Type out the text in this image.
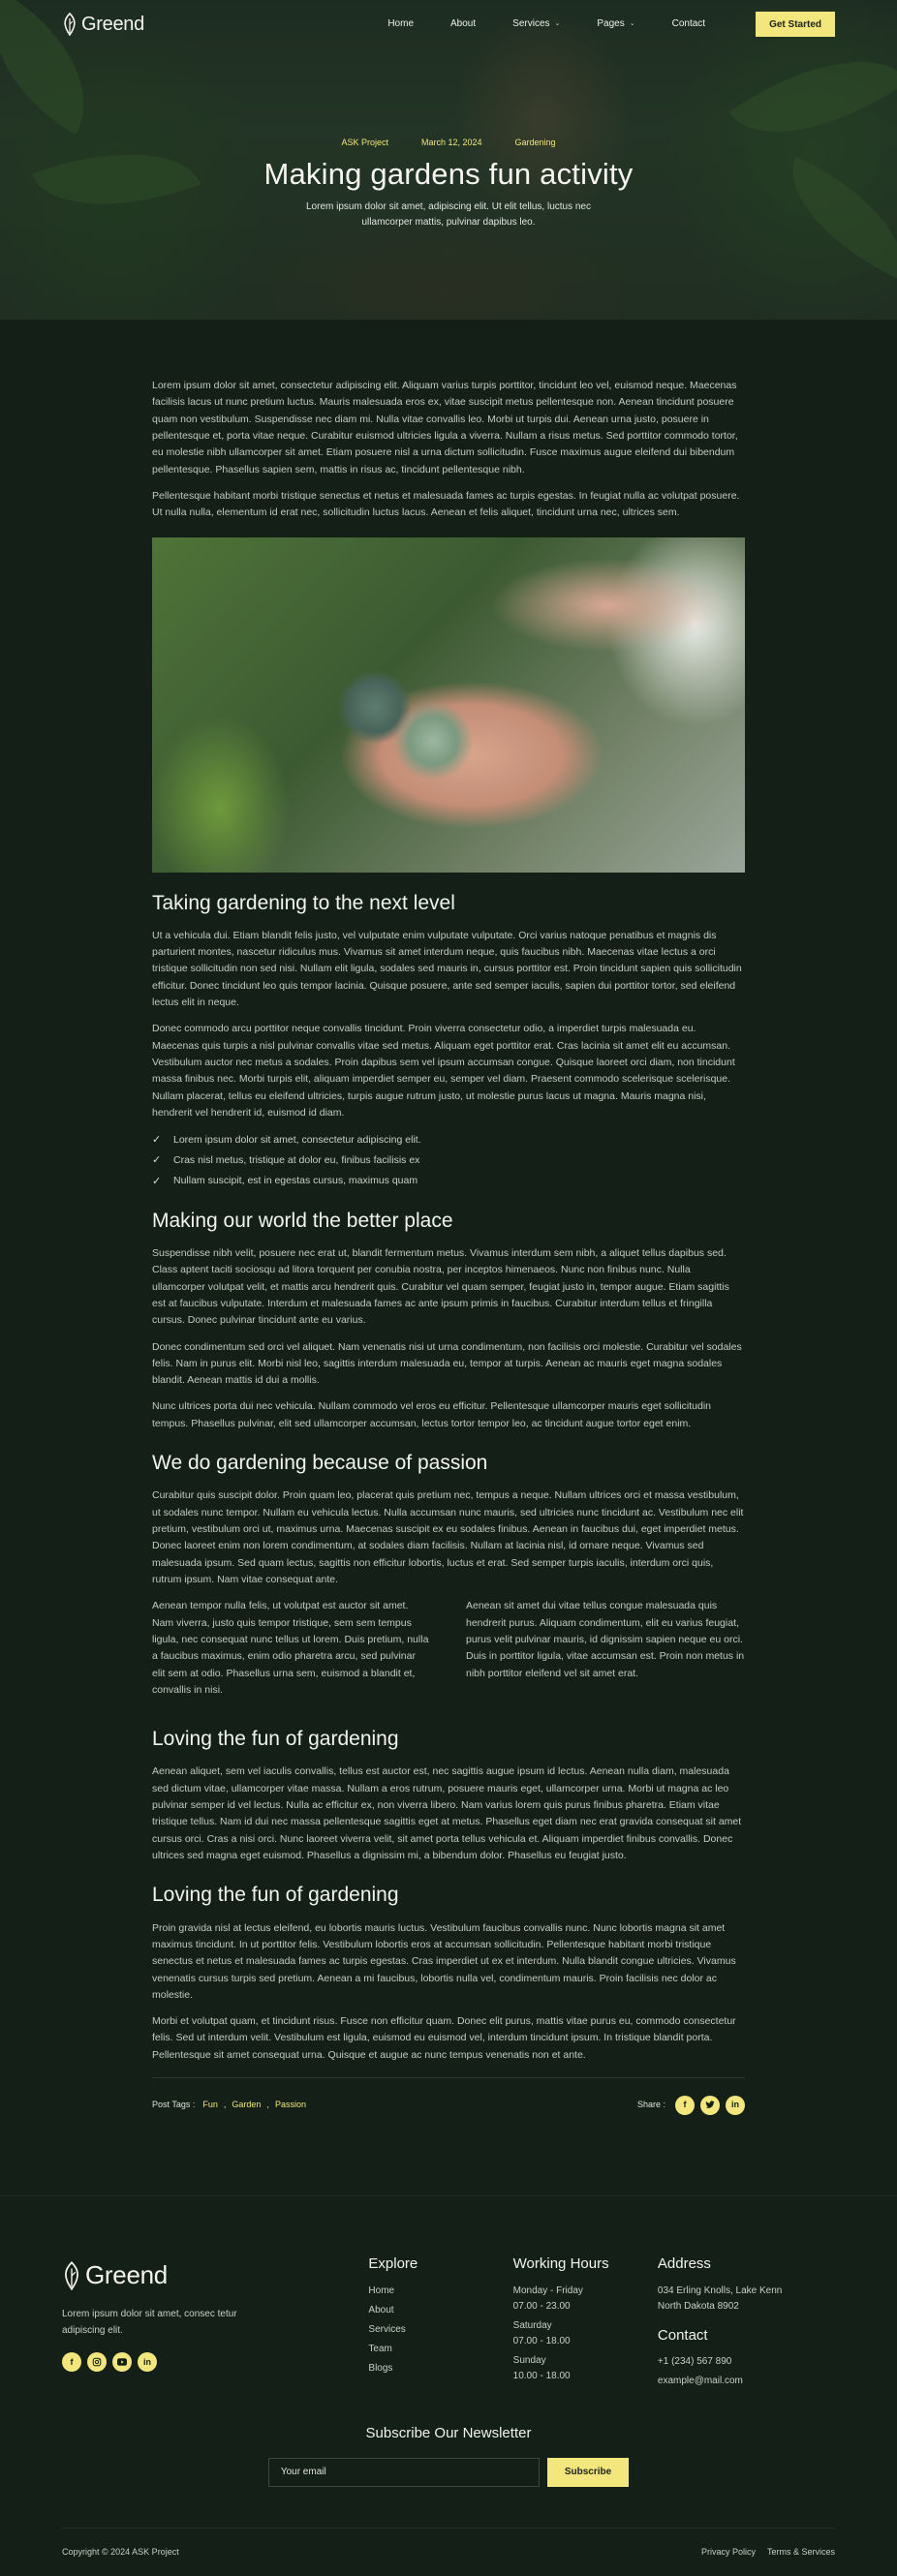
Greend	Home	About	Services ⌄	Pages ⌄	Contact	Get Started
ASK Project	March 12, 2024	Gardening
Making gardens fun activity

Lorem ipsum dolor sit amet, adipiscing elit. Ut elit tellus, luctus nec ullamcorper mattis, pulvinar dapibus leo.

Lorem ipsum dolor sit amet, consectetur adipiscing elit. Aliquam varius turpis porttitor, tincidunt leo vel, euismod neque. Maecenas facilisis lacus ut nunc pretium luctus. Mauris malesuada eros ex, vitae suscipit metus pellentesque non. Aenean tincidunt posuere quam non vestibulum. Suspendisse nec diam mi. Nulla vitae convallis leo. Morbi ut turpis dui. Aenean urna justo, posuere in pellentesque et, porta vitae neque. Curabitur euismod ultricies ligula a viverra. Nullam a risus metus. Sed porttitor commodo tortor, eu molestie nibh ullamcorper sit amet. Etiam posuere nisl a urna dictum sollicitudin. Fusce maximus augue eleifend dui bibendum pellentesque. Phasellus sapien sem, mattis in risus ac, tincidunt pellentesque nibh.

Pellentesque habitant morbi tristique senectus et netus et malesuada fames ac turpis egestas. In feugiat nulla ac volutpat posuere. Ut nulla nulla, elementum id erat nec, sollicitudin luctus lacus. Aenean et felis aliquet, tincidunt urna nec, ultrices sem.

Taking gardening to the next level

Ut a vehicula dui. Etiam blandit felis justo, vel vulputate enim vulputate vulputate. Orci varius natoque penatibus et magnis dis parturient montes, nascetur ridiculus mus. Vivamus sit amet interdum neque, quis faucibus nibh. Maecenas vitae lectus a orci tristique sollicitudin non sed nisi. Nullam elit ligula, sodales sed mauris in, cursus porttitor est. Proin tincidunt sapien quis sollicitudin efficitur. Donec tincidunt leo quis tempor lacinia. Quisque posuere, ante sed semper iaculis, sapien dui porttitor tortor, sed eleifend lectus elit in neque.

Donec commodo arcu porttitor neque convallis tincidunt. Proin viverra consectetur odio, a imperdiet turpis malesuada eu. Maecenas quis turpis a nisl pulvinar convallis vitae sed metus. Aliquam eget porttitor erat. Cras lacinia sit amet elit eu accumsan. Vestibulum auctor nec metus a sodales. Proin dapibus sem vel ipsum accumsan congue. Quisque laoreet orci diam, non tincidunt massa finibus nec. Morbi turpis elit, aliquam imperdiet semper eu, semper vel diam. Praesent commodo scelerisque scelerisque. Nullam placerat, tellus eu eleifend ultricies, turpis augue rutrum justo, ut molestie purus lacus ut magna. Mauris magna nisi, hendrerit vel hendrerit id, euismod id diam.

✓ Lorem ipsum dolor sit amet, consectetur adipiscing elit.
✓ Cras nisl metus, tristique at dolor eu, finibus facilisis ex
✓ Nullam suscipit, est in egestas cursus, maximus quam
Making our world the better place

Suspendisse nibh velit, posuere nec erat ut, blandit fermentum metus. Vivamus interdum sem nibh, a aliquet tellus dapibus sed. Class aptent taciti sociosqu ad litora torquent per conubia nostra, per inceptos himenaeos. Nunc non finibus nunc. Nulla ullamcorper volutpat velit, et mattis arcu hendrerit quis. Curabitur vel quam semper, feugiat justo in, tempor augue. Etiam sagittis est at faucibus vulputate. Interdum et malesuada fames ac ante ipsum primis in faucibus. Curabitur interdum tellus et fringilla cursus. Donec pulvinar tincidunt ante eu varius.

Donec condimentum sed orci vel aliquet. Nam venenatis nisi ut urna condimentum, non facilisis orci molestie. Curabitur vel sodales felis. Nam in purus elit. Morbi nisl leo, sagittis interdum malesuada eu, tempor at turpis. Aenean ac mauris eget magna sodales blandit. Aenean mattis id dui a mollis.

Nunc ultrices porta dui nec vehicula. Nullam commodo vel eros eu efficitur. Pellentesque ullamcorper mauris eget sollicitudin tempus. Phasellus pulvinar, elit sed ullamcorper accumsan, lectus tortor tempor leo, ac tincidunt augue tortor eget enim.

We do gardening because of passion

Curabitur quis suscipit dolor. Proin quam leo, placerat quis pretium nec, tempus a neque. Nullam ultrices orci et massa vestibulum, ut sodales nunc tempor. Nullam eu vehicula lectus. Nulla accumsan nunc mauris, sed ultricies nunc tincidunt ac. Vestibulum nec elit pretium, vestibulum orci ut, maximus urna. Maecenas suscipit ex eu sodales finibus. Aenean in faucibus dui, eget imperdiet metus. Donec laoreet enim non lorem condimentum, at sodales diam facilisis. Nullam at lacinia nisl, id ornare neque. Vivamus sed malesuada ipsum. Sed quam lectus, sagittis non efficitur lobortis, luctus et erat. Sed semper turpis iaculis, interdum orci quis, rutrum ipsum. Nam vitae consequat ante.

Aenean tempor nulla felis, ut volutpat est auctor sit amet. Nam viverra, justo quis tempor tristique, sem sem tempus ligula, nec consequat nunc tellus ut lorem. Duis pretium, nulla a faucibus maximus, enim odio pharetra arcu, sed pulvinar elit sem at odio. Phasellus urna sem, euismod a blandit et, convallis in nisi.

Aenean sit amet dui vitae tellus congue malesuada quis hendrerit purus. Aliquam condimentum, elit eu varius feugiat, purus velit pulvinar mauris, id dignissim sapien neque eu orci. Duis in porttitor ligula, vitae accumsan est. Proin non metus in nibh porttitor eleifend vel sit amet erat.

Loving the fun of gardening

Aenean aliquet, sem vel iaculis convallis, tellus est auctor est, nec sagittis augue ipsum id lectus. Aenean nulla diam, malesuada sed dictum vitae, ullamcorper vitae massa. Nullam a eros rutrum, posuere mauris eget, ullamcorper urna. Morbi ut magna ac leo pulvinar semper id vel lectus. Nulla ac efficitur ex, non viverra libero. Nam varius lorem quis purus finibus pharetra. Etiam vitae tristique tellus. Nam id dui nec massa pellentesque sagittis eget at metus. Phasellus eget diam nec erat gravida consequat sit amet cursus orci. Cras a nisi orci. Nunc laoreet viverra velit, sit amet porta tellus vehicula et. Aliquam imperdiet finibus convallis. Donec ultrices sed magna eget euismod. Phasellus a dignissim mi, a bibendum dolor. Phasellus eu feugiat justo.

Loving the fun of gardening

Proin gravida nisl at lectus eleifend, eu lobortis mauris luctus. Vestibulum faucibus convallis nunc. Nunc lobortis magna sit amet maximus tincidunt. In ut porttitor felis. Vestibulum lobortis eros at accumsan sollicitudin. Pellentesque habitant morbi tristique senectus et netus et malesuada fames ac turpis egestas. Cras imperdiet ut ex et interdum. Nulla blandit congue ultricies. Vivamus venenatis cursus turpis sed pretium. Aenean a mi faucibus, lobortis nulla vel, condimentum mauris. Proin facilisis nec dolor ac molestie.

Morbi et volutpat quam, et tincidunt risus. Fusce non efficitur quam. Donec elit purus, mattis vitae purus eu, commodo consectetur felis. Sed ut interdum velit. Vestibulum est ligula, euismod eu euismod vel, interdum tincidunt ipsum. In tristique blandit porta. Pellentesque sit amet consequat urna. Quisque et augue ac nunc tempus venenatis non et ante.

Post Tags : Fun , Garden , Passion	Share :	f	in
Greend

Lorem ipsum dolor sit amet, consec tetur adipiscing elit.

f	in
Explore
Home
About
Services
Team
Blogs
Working Hours
Monday - Friday
07.00 - 23.00
Saturday
07.00 - 18.00
Sunday
10.00 - 18.00
Address
034 Erling Knolls, Lake Kenn
North Dakota 8902
Contact
+1 (234) 567 890
example@mail.com
Subscribe Our Newsletter
Your email
Subscribe
Copyright © 2024 ASK Project	Privacy Policy Terms & Services
